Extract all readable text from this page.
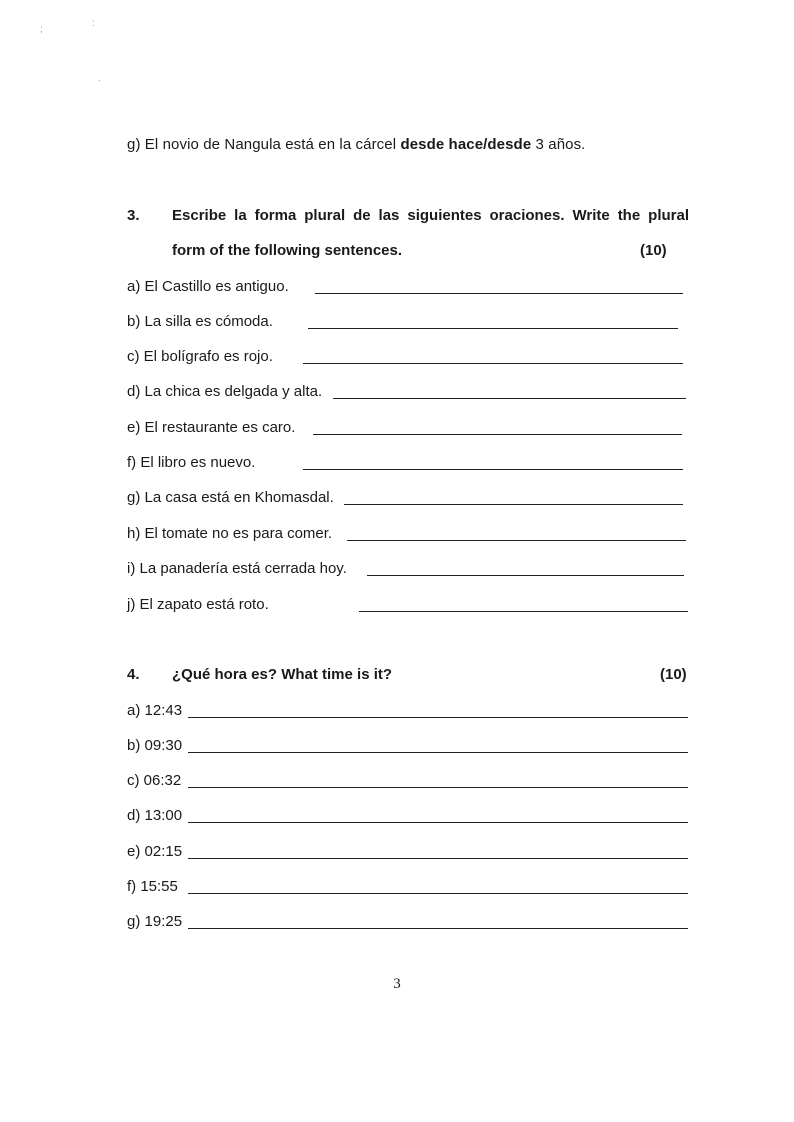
;
:
.
g) El novio de Nangula está en la cárcel desde hace/desde 3 años.
3. Escribe la forma plural de las siguientes oraciones. Write the plural
form of the following sentences.	(10)
a) El Castillo es antiguo.
b) La silla es cómoda.
c) El bolígrafo es rojo.
d) La chica es delgada y alta.
e) El restaurante es caro.
f) El libro es nuevo.
g) La casa está en Khomasdal.
h) El tomate no es para comer.
i) La panadería está cerrada hoy.
j) El zapato está roto.
4. ¿Qué hora es? What time is it?	(10)
a) 12:43
b) 09:30
c) 06:32
d) 13:00
e) 02:15
f) 15:55
g) 19:25
3
